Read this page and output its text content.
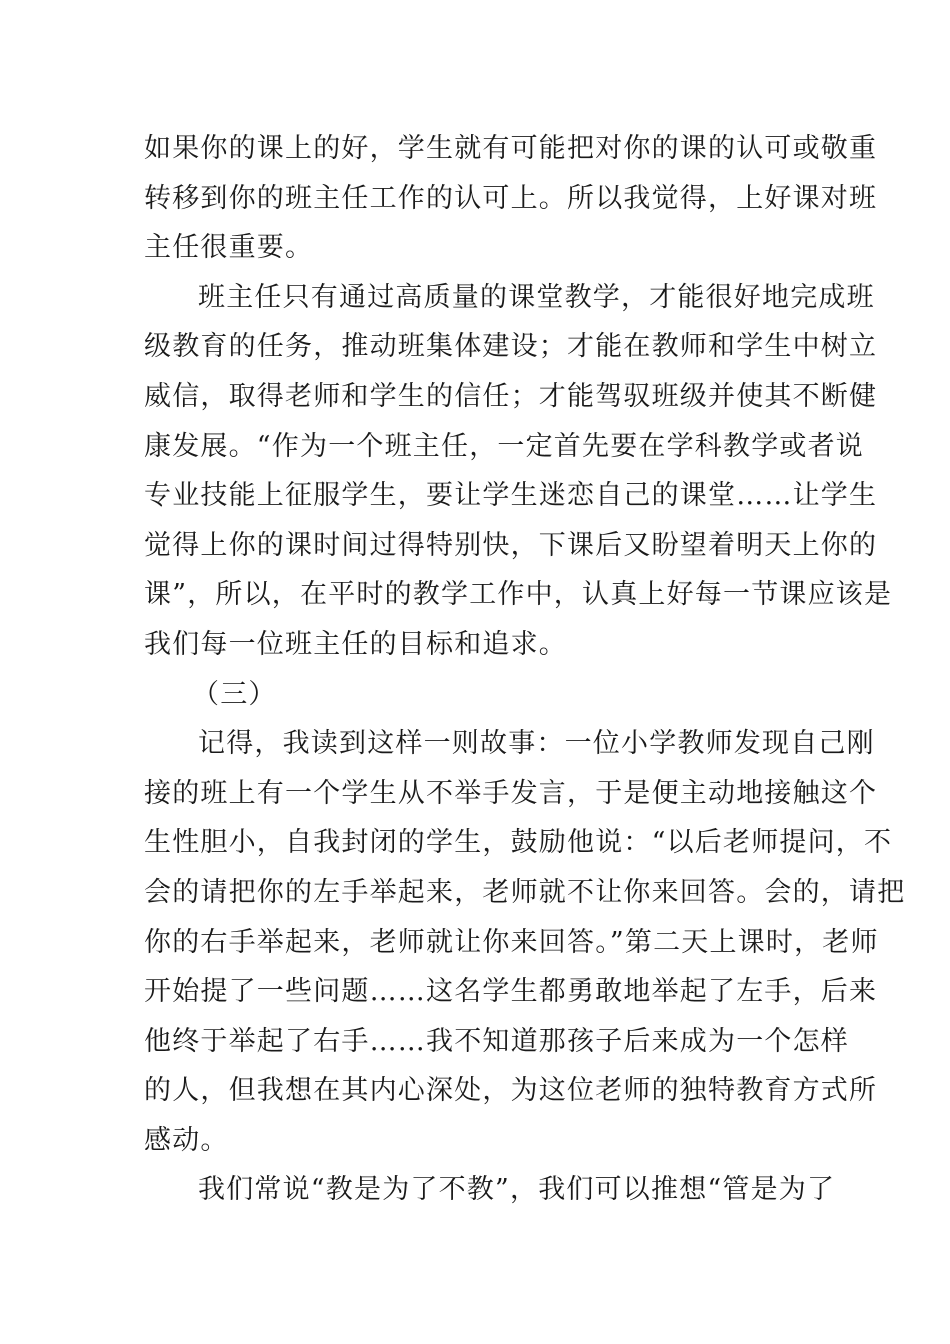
如果你的课上的好，学生就有可能把对你的课的认可或敬重
转移到你的班主任工作的认可上。所以我觉得，上好课对班
主任很重要。
班主任只有通过高质量的课堂教学，才能很好地完成班
级教育的任务，推动班集体建设；才能在教师和学生中树立
威信，取得老师和学生的信任；才能驾驭班级并使其不断健
康发展。“作为一个班主任，一定首先要在学科教学或者说
专业技能上征服学生，要让学生迷恋自己的课堂……让学生
觉得上你的课时间过得特别快，下课后又盼望着明天上你的
课”，所以，在平时的教学工作中，认真上好每一节课应该是
我们每一位班主任的目标和追求。
（三）
记得，我读到这样一则故事：一位小学教师发现自己刚
接的班上有一个学生从不举手发言，于是便主动地接触这个
生性胆小，自我封闭的学生，鼓励他说：“以后老师提问，不
会的请把你的左手举起来，老师就不让你来回答。会的，请把
你的右手举起来，老师就让你来回答。”第二天上课时，老师
开始提了一些问题……这名学生都勇敢地举起了左手，后来
他终于举起了右手……我不知道那孩子后来成为一个怎样
的人，但我想在其内心深处，为这位老师的独特教育方式所
感动。
我们常说“教是为了不教”，我们可以推想“管是为了
